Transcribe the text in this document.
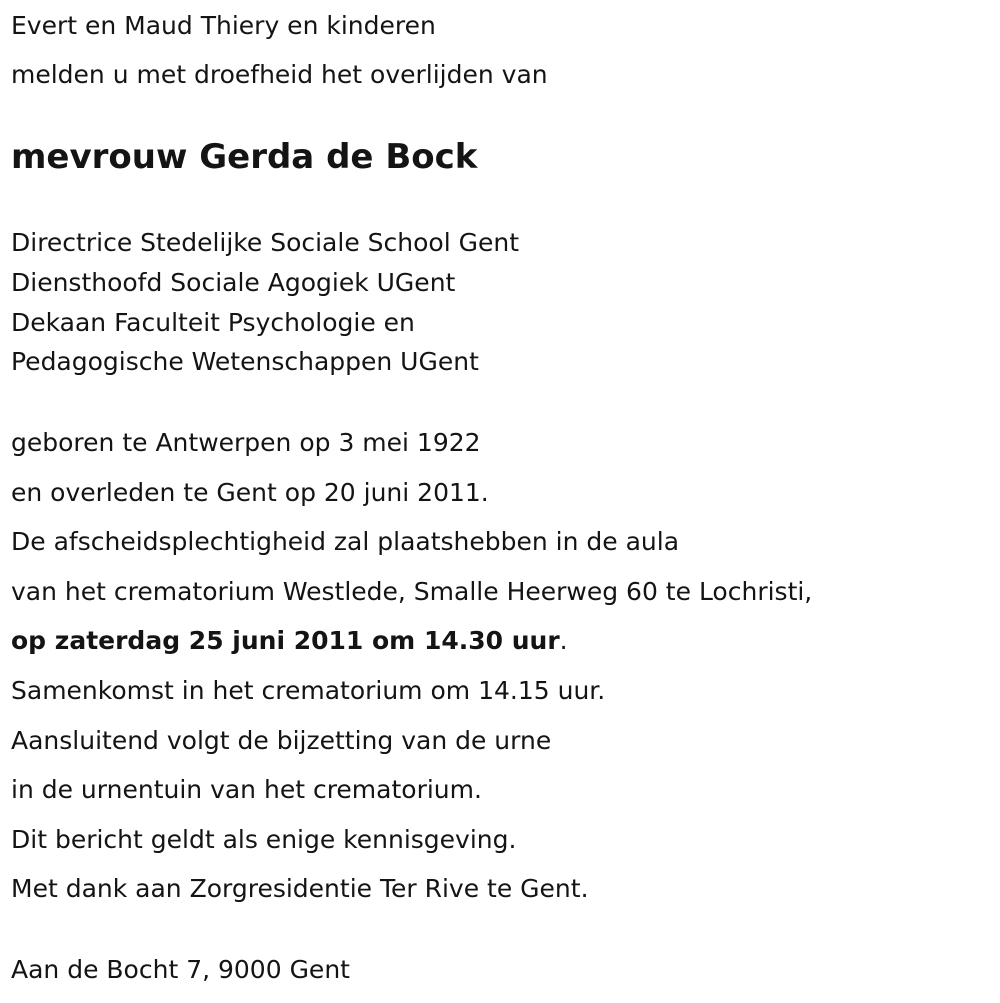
Evert en Maud Thiery en kinderen

melden u met droefheid het overlijden van

mevrouw Gerda de Bock

Directrice Stedelijke Sociale School Gent

Diensthoofd Sociale Agogiek UGent

Dekaan Faculteit Psychologie en

Pedagogische Wetenschappen UGent

geboren te Antwerpen op 3 mei 1922

en overleden te Gent op 20 juni 2011.

De afscheidsplechtigheid zal plaatshebben in de aula

van het crematorium Westlede, Smalle Heerweg 60 te Lochristi,

op zaterdag 25 juni 2011 om 14.30 uur.

Samenkomst in het crematorium om 14.15 uur.

Aansluitend volgt de bijzetting van de urne

in de urnentuin van het crematorium.

Dit bericht geldt als enige kennisgeving.

Met dank aan Zorgresidentie Ter Rive te Gent.

Aan de Bocht 7, 9000 Gent
